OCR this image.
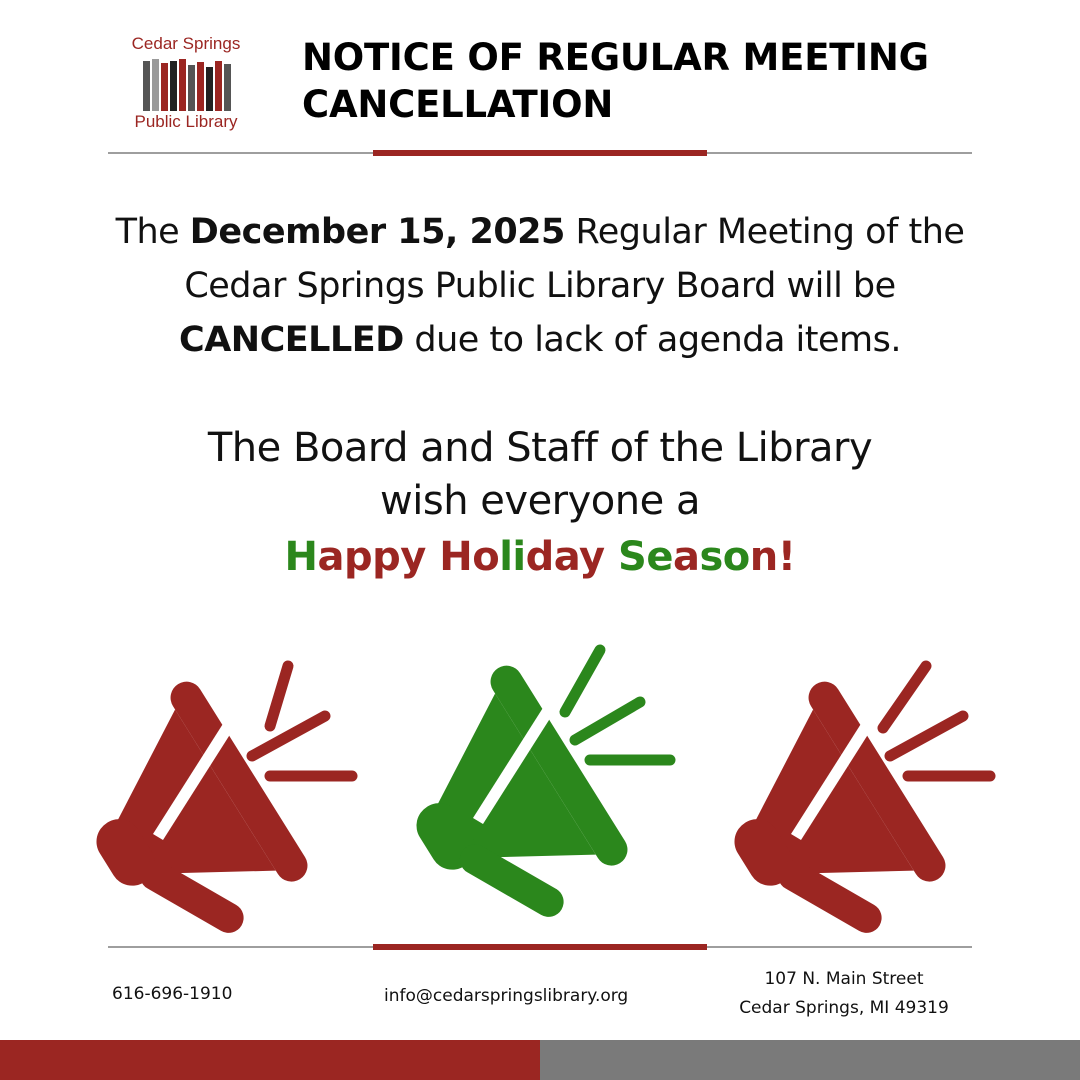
Cedar Springs
Public Library
NOTICE OF REGULAR MEETING
CANCELLATION

The December 15, 2025 Regular Meeting of the Cedar Springs Public Library Board will be CANCELLED due to lack of agenda items.

The Board and Staff of the Library
wish everyone a

Happy Holiday Season!
616-696-1910	info@cedarspringslibrary.org
107 N. Main Street
Cedar Springs, MI 49319
